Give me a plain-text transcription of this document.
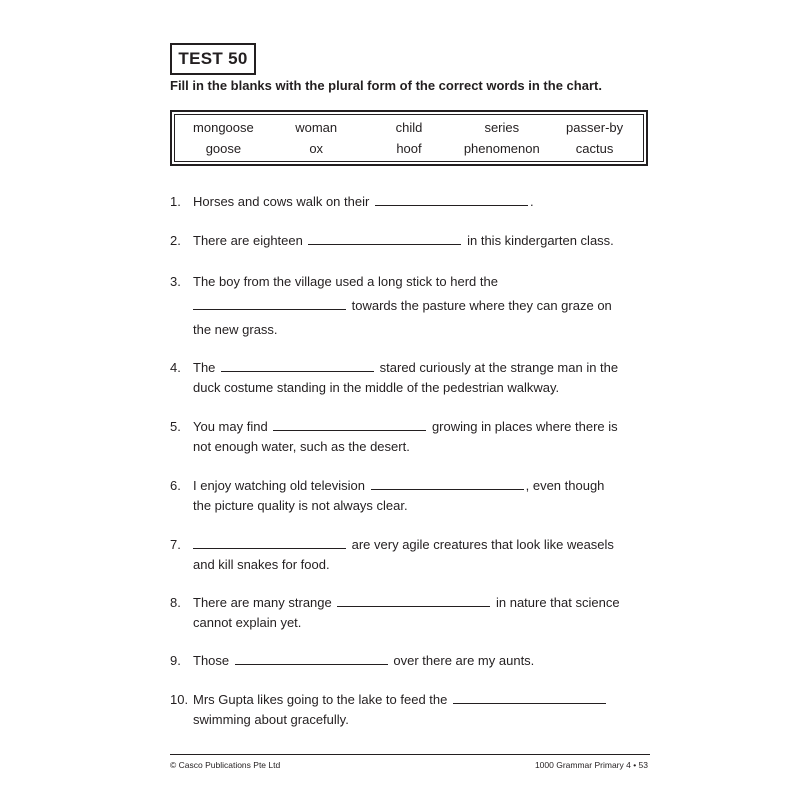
TEST 50
Fill in the blanks with the plural form of the correct words in the chart.
mongoose	woman	child	series	passer-by
goose	ox	hoof	phenomenon	cactus
1. Horses and cows walk on their	.
2. There are eighteen	in this kindergarten class.
3. The boy from the village used a long stick to herd the
towards the pasture where they can graze on
the new grass.
4. The	stared curiously at the strange man in the
duck costume standing in the middle of the pedestrian walkway.
5. You may find	growing in places where there is
not enough water, such as the desert.
6. I enjoy watching old television	, even though
the picture quality is not always clear.
7.	are very agile creatures that look like weasels
and kill snakes for food.
8. There are many strange	in nature that science
cannot explain yet.
9. Those	over there are my aunts.
10. Mrs Gupta likes going to the lake to feed the
swimming about gracefully.
© Casco Publications Pte Ltd	1000 Grammar Primary 4 • 53
